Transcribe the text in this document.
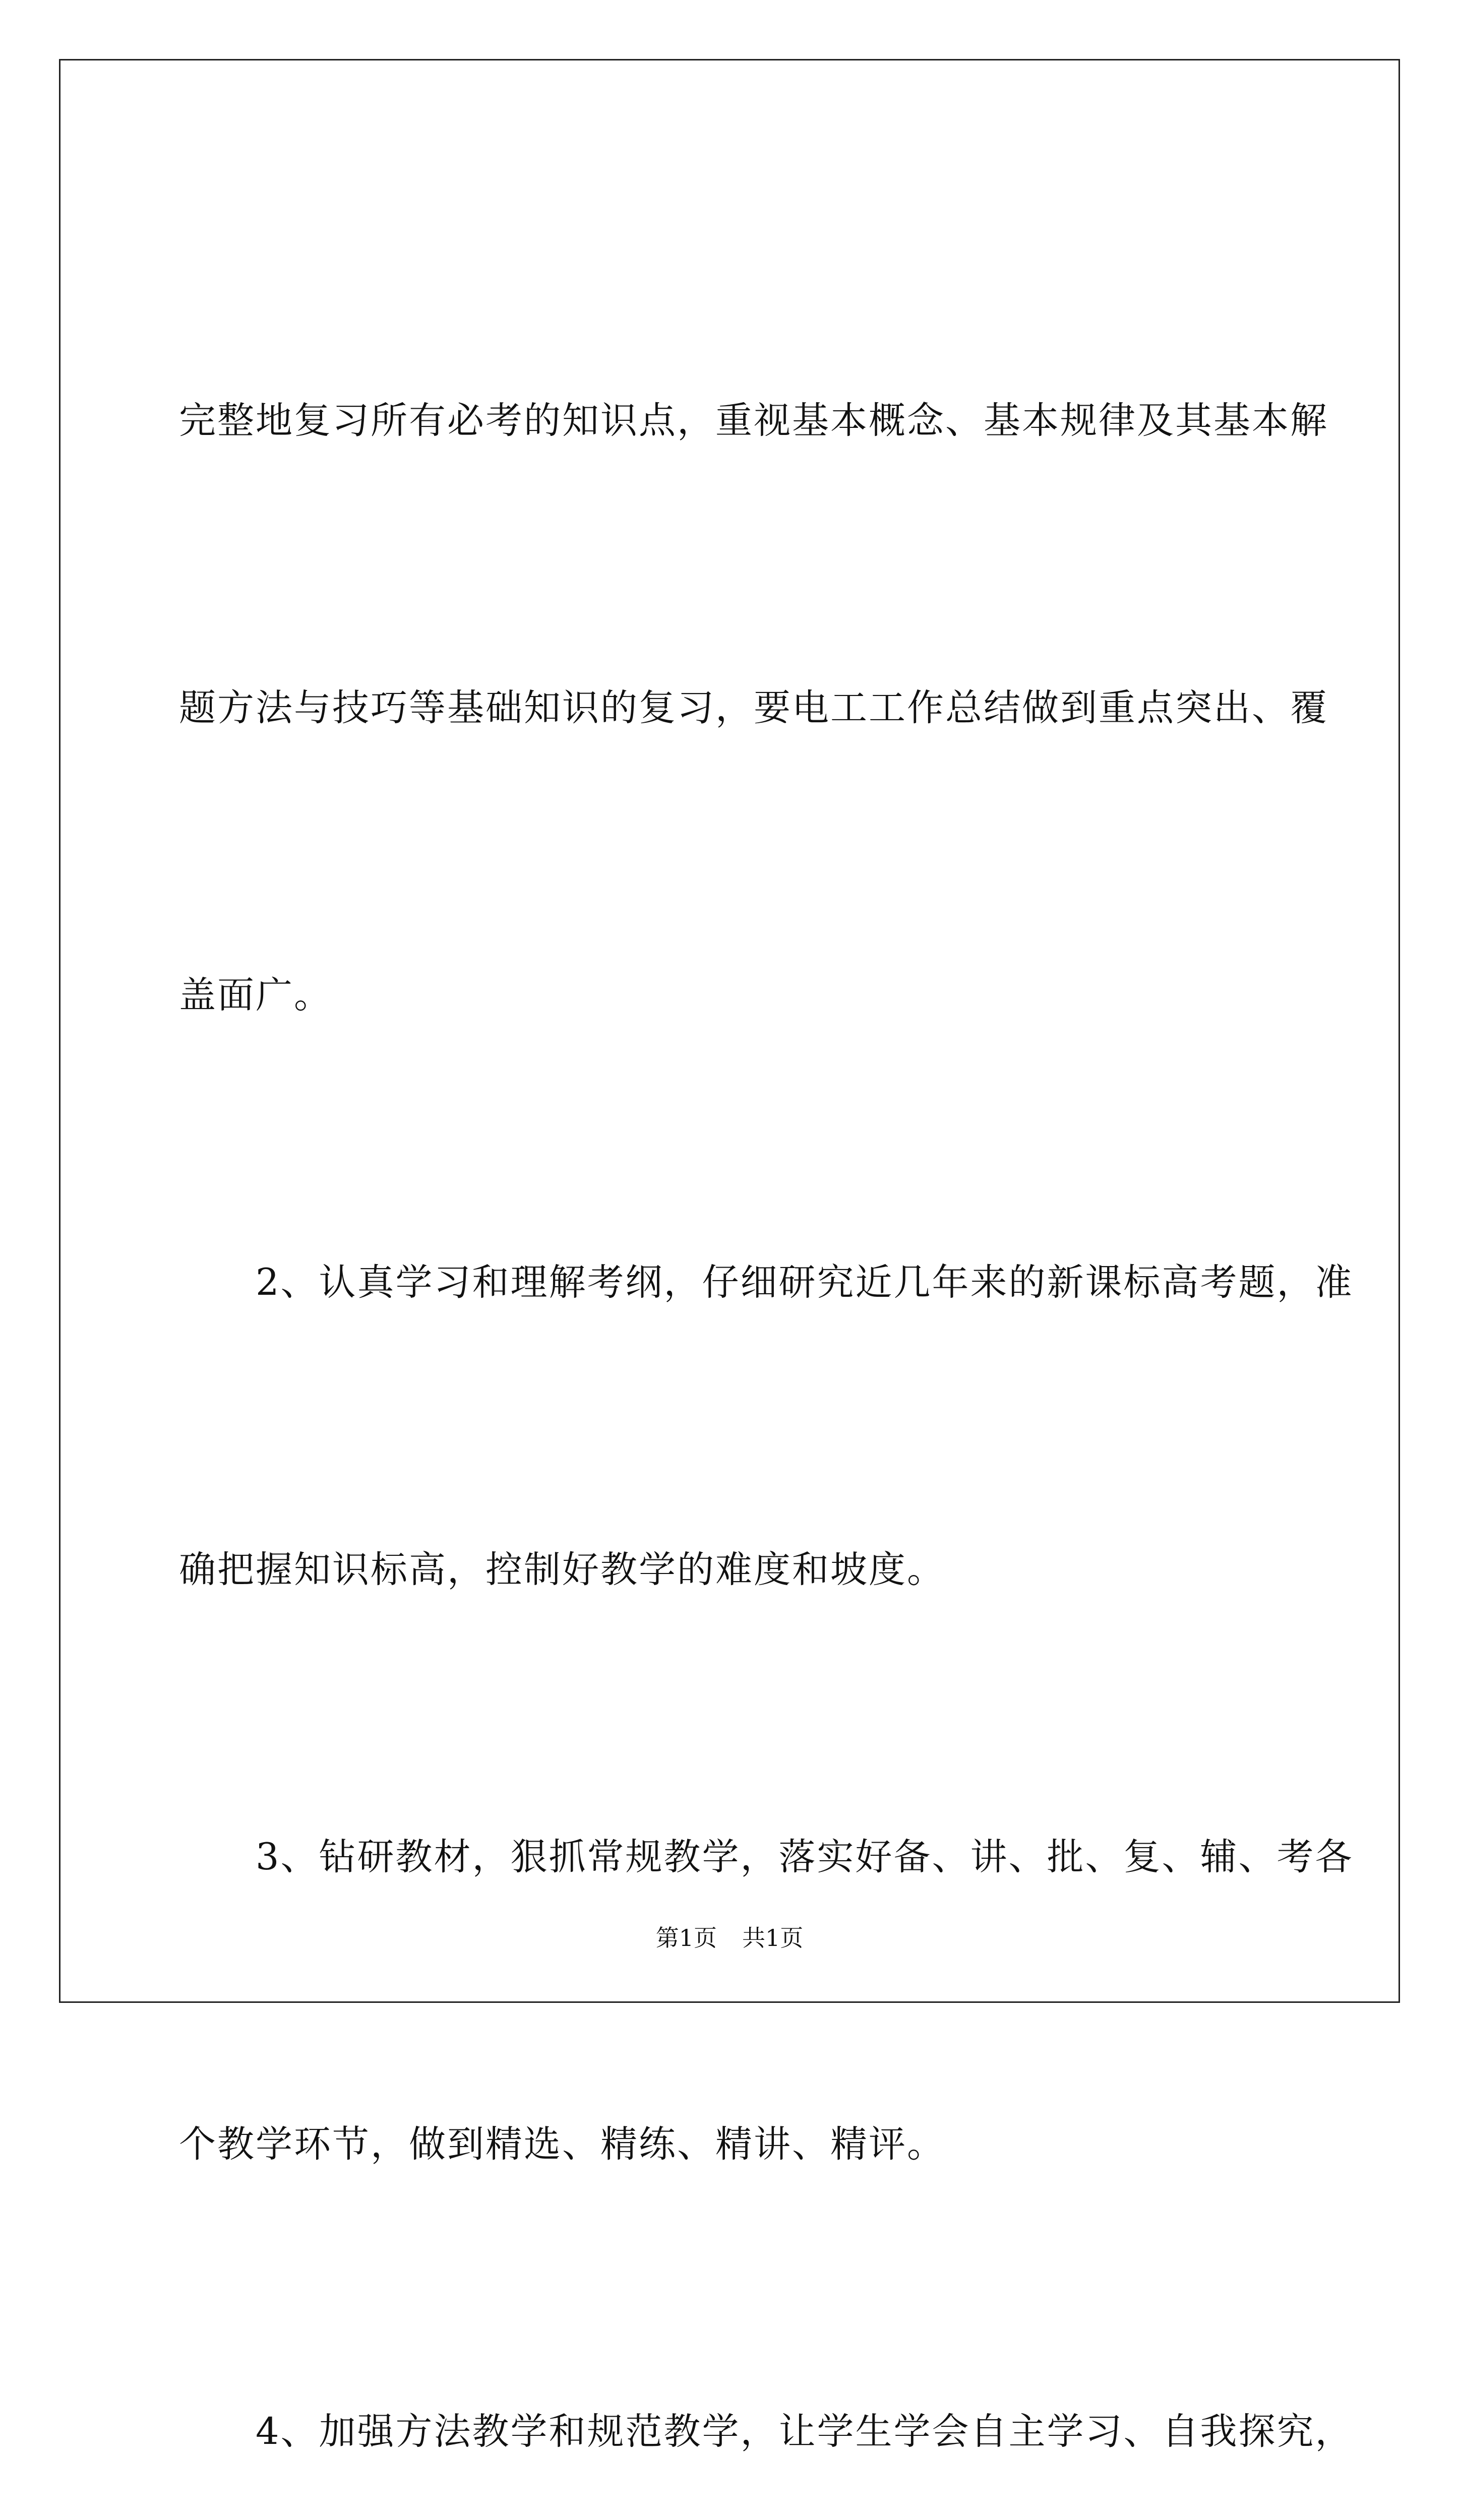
完整地复习所有必考的知识点，重视基本概念、基本规律及其基本解

题方法与技巧等基础知识的复习，要电工工作总结做到重点突出、覆

盖面广。

　　2、认真学习和理解考纲，仔细研究近几年来的新课标高考题，准

确把握知识标高，控制好教学的难度和坡度。

　　3、钻研教材，狠抓常规教学，落实好备、讲、批、复、辅、考各

个教学环节，做到精选、精练、精讲、精评。

　　4、加强方法教学和规范教学，让学生学会自主学习、自我探究，

第1页 共1页
